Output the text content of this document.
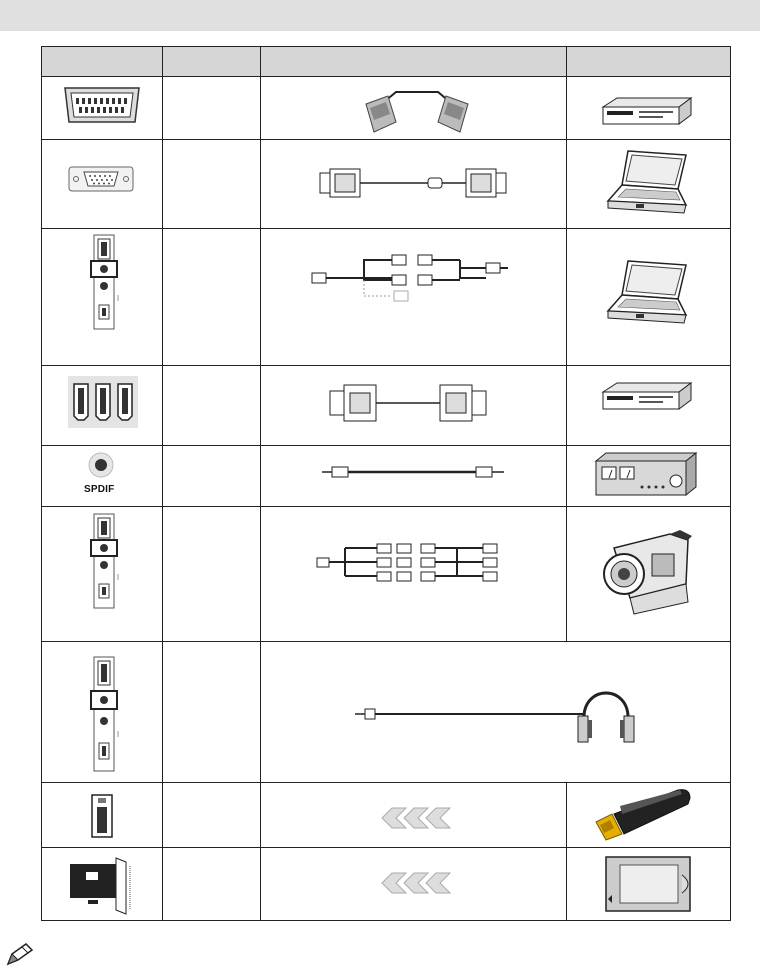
SPDIF
